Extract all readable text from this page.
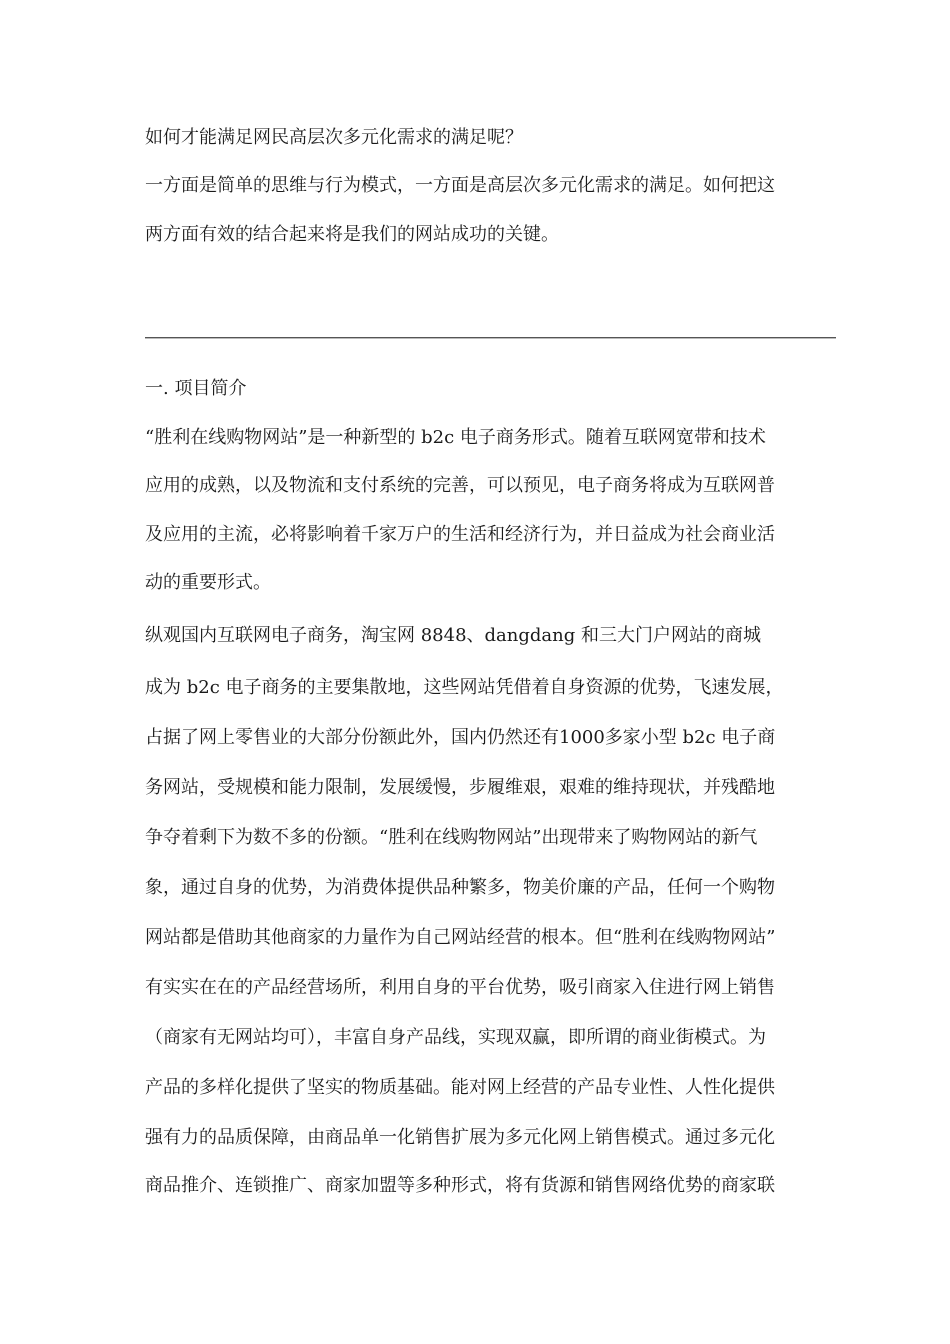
如何才能满足网民高层次多元化需求的满足呢？

一方面是简单的思维与行为模式，一方面是高层次多元化需求的满足。如何把这

两方面有效的结合起来将是我们的网站成功的关键。

一. 项目简介

“胜利在线购物网站”是一种新型的 b2c 电子商务形式。随着互联网宽带和技术

应用的成熟，以及物流和支付系统的完善，可以预见，电子商务将成为互联网普

及应用的主流，必将影响着千家万户的生活和经济行为，并日益成为社会商业活

动的重要形式。

纵观国内互联网电子商务，淘宝网 8848、dangdang 和三大门户网站的商城

成为 b2c 电子商务的主要集散地，这些网站凭借着自身资源的优势，飞速发展，

占据了网上零售业的大部分份额此外，国内仍然还有1000多家小型 b2c 电子商

务网站，受规模和能力限制，发展缓慢，步履维艰，艰难的维持现状，并残酷地

争夺着剩下为数不多的份额。“胜利在线购物网站”出现带来了购物网站的新气

象，通过自身的优势，为消费体提供品种繁多，物美价廉的产品，任何一个购物

网站都是借助其他商家的力量作为自己网站经营的根本。但“胜利在线购物网站”

有实实在在的产品经营场所，利用自身的平台优势，吸引商家入住进行网上销售

（商家有无网站均可），丰富自身产品线，实现双赢，即所谓的商业街模式。为

产品的多样化提供了坚实的物质基础。能对网上经营的产品专业性、人性化提供

强有力的品质保障，由商品单一化销售扩展为多元化网上销售模式。通过多元化

商品推介、连锁推广、商家加盟等多种形式，将有货源和销售网络优势的商家联
